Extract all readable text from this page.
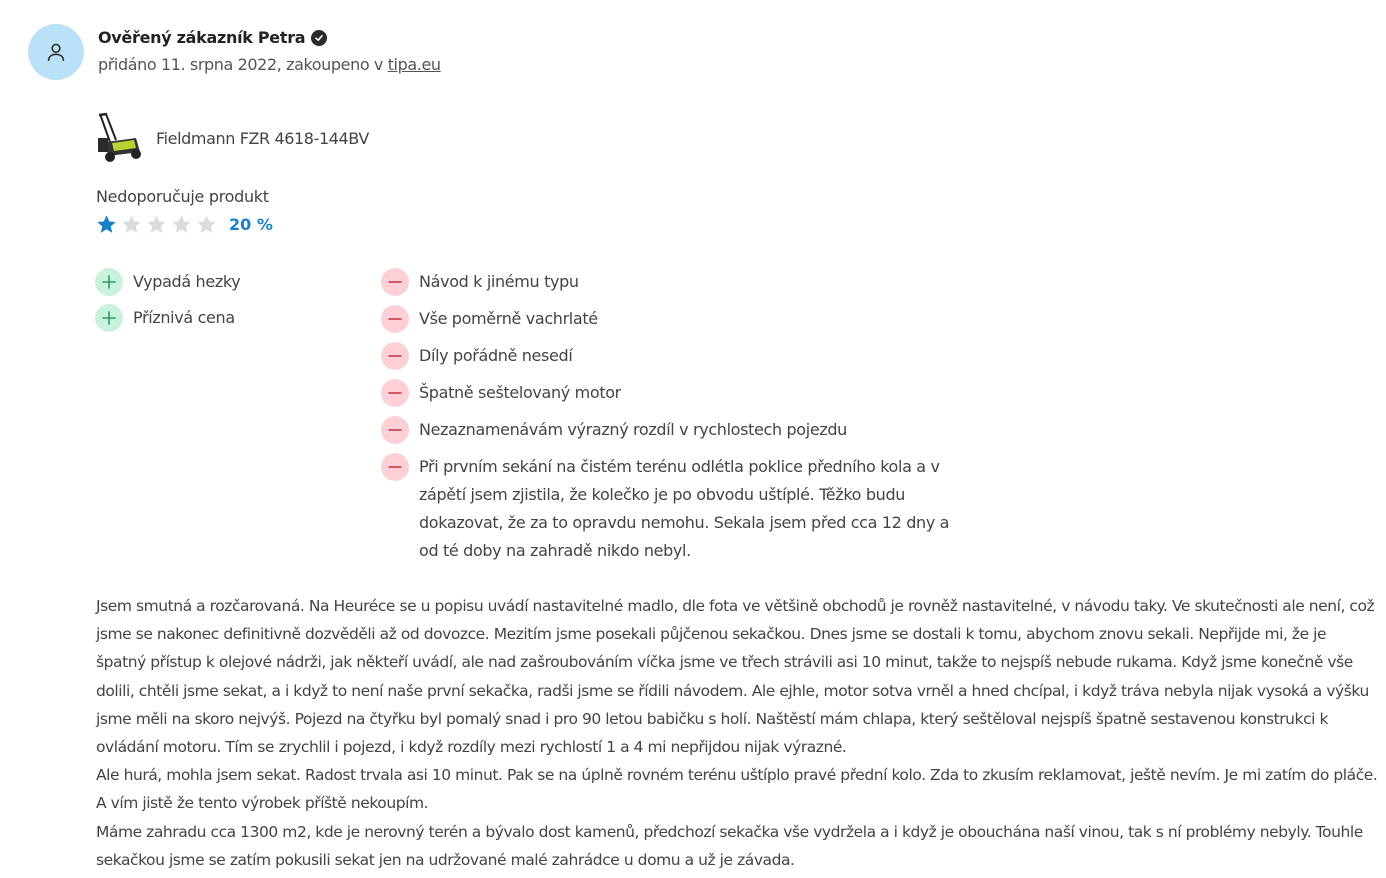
Ověřený zákazník Petra
přidáno 11. srpna 2022, zakoupeno v tipa.eu
Fieldmann FZR 4618-144BV
Nedoporučuje produkt
20 %
Vypadá hezky
Příznivá cena
Návod k jinému typu
Vše poměrně vachrlaté
Díly pořádně nesedí
Špatně seštelovaný motor
Nezaznamenávám výrazný rozdíl v rychlostech pojezdu
Při prvním sekání na čistém terénu odlétla poklice předního kola a v zápětí jsem zjistila, že kolečko je po obvodu uštíplé. Těžko budu dokazovat, že za to opravdu nemohu. Sekala jsem před cca 12 dny a od té doby na zahradě nikdo nebyl.

Jsem smutná a rozčarovaná. Na Heuréce se u popisu uvádí nastavitelné madlo, dle fota ve většině obchodů je rovněž nastavitelné, v návodu taky. Ve skutečnosti ale není, což jsme se nakonec definitivně dozvěděli až od dovozce. Mezitím jsme posekali půjčenou sekačkou. Dnes jsme se dostali k tomu, abychom znovu sekali. Nepřijde mi, že je špatný přístup k olejové nádrži, jak někteří uvádí, ale nad zašroubováním víčka jsme ve třech strávili asi 10 minut, takže to nejspíš nebude rukama. Když jsme konečně vše dolili, chtěli jsme sekat, a i když to není naše první sekačka, radši jsme se řídili návodem. Ale ejhle, motor sotva vrněl a hned chcípal, i když tráva nebyla nijak vysoká a výšku jsme měli na skoro nejvýš. Pojezd na čtyřku byl pomalý snad i pro 90 letou babičku s holí. Naštěstí mám chlapa, který seštěloval nejspíš špatně sestavenou konstrukci k ovládání motoru. Tím se zrychlil i pojezd, i když rozdíly mezi rychlostí 1 a 4 mi nepřijdou nijak výrazné.

Ale hurá, mohla jsem sekat. Radost trvala asi 10 minut. Pak se na úplně rovném terénu uštíplo pravé přední kolo. Zda to zkusím reklamovat, ještě nevím. Je mi zatím do pláče. A vím jistě že tento výrobek příště nekoupím.

Máme zahradu cca 1300 m2, kde je nerovný terén a bývalo dost kamenů, předchozí sekačka vše vydržela a i když je obouchána naší vinou, tak s ní problémy nebyly. Touhle sekačkou jsme se zatím pokusili sekat jen na udržované malé zahrádce u domu a už je závada.
